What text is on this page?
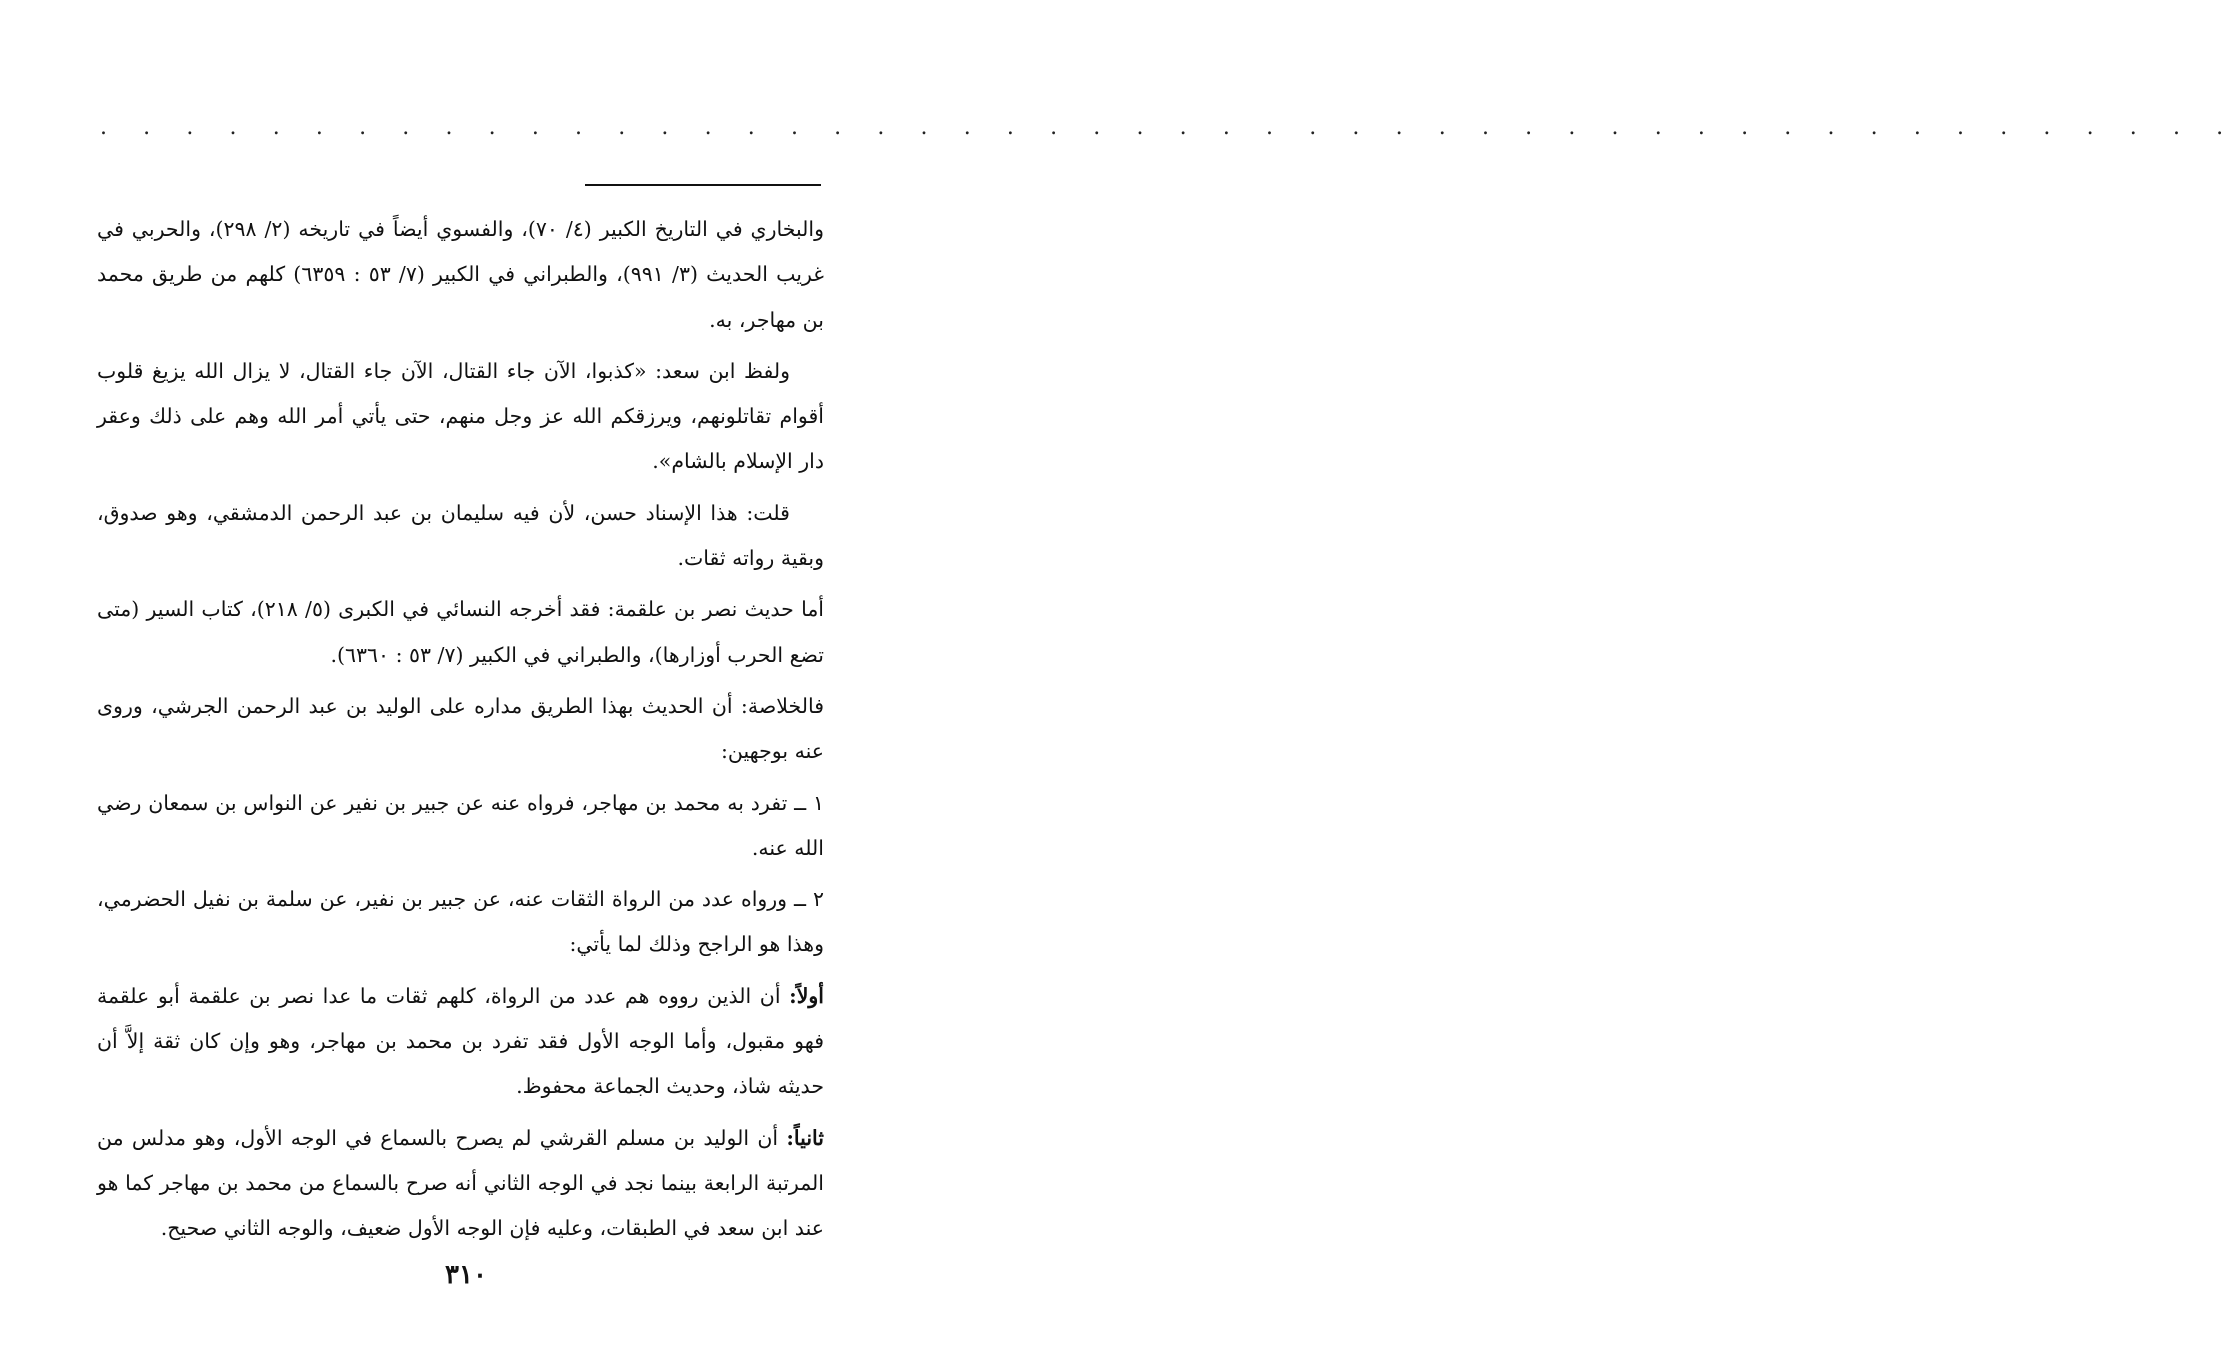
. . . . . . . . . . . . . . . . . . . . . . . . . . . . . . . . . . . . . . . . . . . . . . . . . .

والبخاري في التاريخ الكبير (٤/ ٧٠)، والفسوي أيضاً في تاريخه (٢/ ٢٩٨)، والحربي في غريب الحديث (٣/ ٩٩١)، والطبراني في الكبير (٧/ ٥٣ : ٦٣٥٩) كلهم من طريق محمد بن مهاجر، به.

ولفظ ابن سعد: «كذبوا، الآن جاء القتال، الآن جاء القتال، لا يزال الله يزيغ قلوب أقوام تقاتلونهم، ويرزقكم الله عز وجل منهم، حتى يأتي أمر الله وهم على ذلك وعقر دار الإسلام بالشام».

قلت: هذا الإسناد حسن، لأن فيه سليمان بن عبد الرحمن الدمشقي، وهو صدوق، وبقية رواته ثقات.

أما حديث نصر بن علقمة: فقد أخرجه النسائي في الكبرى (٥/ ٢١٨)، كتاب السير (متى تضع الحرب أوزارها)، والطبراني في الكبير (٧/ ٥٣ : ٦٣٦٠).

فالخلاصة: أن الحديث بهذا الطريق مداره على الوليد بن عبد الرحمن الجرشي، وروى عنه بوجهين:

١ ــ تفرد به محمد بن مهاجر، فرواه عنه عن جبير بن نفير عن النواس بن سمعان رضي الله عنه.

٢ ــ ورواه عدد من الرواة الثقات عنه، عن جبير بن نفير، عن سلمة بن نفيل الحضرمي، وهذا هو الراجح وذلك لما يأتي:

أولاً: أن الذين رووه هم عدد من الرواة، كلهم ثقات ما عدا نصر بن علقمة أبو علقمة فهو مقبول، وأما الوجه الأول فقد تفرد بن محمد بن مهاجر، وهو وإن كان ثقة إلاَّ أن حديثه شاذ، وحديث الجماعة محفوظ.

ثانياً: أن الوليد بن مسلم القرشي لم يصرح بالسماع في الوجه الأول، وهو مدلس من المرتبة الرابعة بينما نجد في الوجه الثاني أنه صرح بالسماع من محمد بن مهاجر كما هو عند ابن سعد في الطبقات، وعليه فإن الوجه الأول ضعيف، والوجه الثاني صحيح.

٣١٠
